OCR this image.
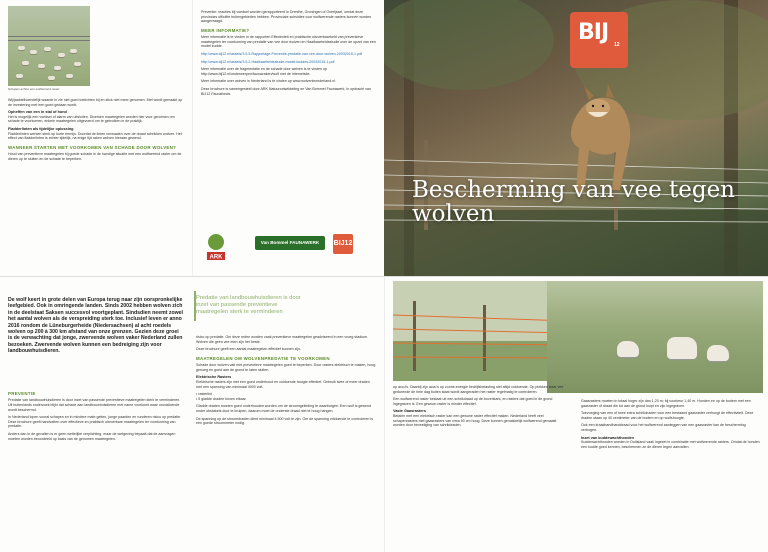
Schapen achter een wolfwerend raster

Wij/jaaldelhoendelijk waarde in zie niet goed toelichten bij en stick niet meer genomen. Met wordt gemaakt op de investering met een goed gedaan wordt.

Opheffen van een in stal of hond

Het is mogelijk een voedsel of alarm van uitsluiten. Diversen maatregelen worden hier voor genomen om schade te voorkomen, enkele maatregelen uitgevoerd om te gebruiken in de praktijk.

Fladderlinten als tijdelijke oplossing

Fladderlinten werken sterk op korte termijn. Doordat de linten verwaaien over de draad schrikken wolven. Het effect van fladderlinten is echter tijdelijk, na enige tijd raken wolven hieraan gewend.

WANNEER STARTEN MET VOORKOMEN VAN SCHADE DOOR WOLVEN?

Houd van preventieve maatregelen bij goede schade in de handige situatie met een wolfwerend raster om de dieren op te sluiten en de schade te beperken.

Preventie: reacties bij voedsel worden gerapporteerd in Drenthe, Groningen of Overijssel, omdat deze provincies officiële buitengebieden hebben. Provinciale subsidies voor wolfwerende rasters kunnen worden aangevraagd.

MEER INFORMATIE?

Meer informatie is te vinden in de rapporten Effectiviteit en praktische uitvoerbaarheid van preventieve maatregelen ter voorkoming van predatie van vee door wolven en Haalbaarheidsstudie over de opzet van een model kudde.

http://www.bij12.nl/assets/3.5.5-Rapportage-Preventie-predatie-van-vee-door-wolven-20032015-1.pdf

http://www.bij12.nl/assets/3.5.2-Haalbaarheidsstudie-model-kuddes-20032015-1.pdf

Meer informatie over de fragmentatie en de schade door wolven is te vinden op http://www.bij12.nl/onderwerpen/faunazaken/wolf met de internetsite.

Meer informatie over wolven in Nederland is te vinden op www.wolveninnederland.nl.

Deze brochure is samengesteld door ARK Natuurontwikkeling en Van Bommel Faunawerk, in opdracht van BIJ12 Faunafonds.

ARK
Van Bommel FAUNAWERK	BIJ12
BIJ 12
Bescherming van vee tegen wolven
De wolf keert in grote delen van Europa terug naar zijn oorspronkelijke leefgebied. Ook in omringende landen. Sinds 2002 hebben wolven zich in de deelstaat Saksen succesvol voortgeplant. Sindsdien neemt zowel het aantal wolven als de verspreiding sterk toe. Inclusief leven er anno 2016 rondom de Lüneburgerheide (Niedersachsen) al acht roedels wolven op 200 à 300 km afstand van onze grenzen. Gezien deze groei is de verwachting dat jonge, zwervende wolven vaker Nederland zullen bezoeken. Zwervende wolven kunnen een bedreiging zijn voor landbouwhuisdieren.
Predatie van landbouwhuisdieren is door inzet van passende preventieve maatregelen sterk te verminderen
PREVENTIE

Predatie van landbouwhuisdieren is door inzet van passende preventieve maatregelen sterk te verminderen. Uit buitenlands onderzoek blijkt dat schade aan landbouwhuisdieren met name voorkomt waar onvoldoende wordt beschermd.

In Nederland lopen vooral schapen en in mindere mate geiten, jonge paarden en runderen risico op predatie. Deze brochure geeft handvatten over effectieve en praktisch uitvoerbare maatregelen ter voorkoming van predatie.

Anders dan in de gevallen is er geen wettelijke verplichting, maar de wetgeving bepaalt dat de aanvragen moeten worden beoordeeld op basis van de genomen maatregelen.

risico op predatie. Om deze reden worden vaak preventieve maatregelen geadviseerd in een vroeg stadium. Wolven die geen vee eten zijn het beste.

Deze brochure geeft een aantal maatregelen effectief kunnen zijn.

MAATREGELEN OM WOLVENPREDATIE TE VOORKOMEN

Schade door wolven valt met preventieve maatregelen goed te beperken. Door rasters elektrisch te maken, hoog genoeg en goed aan de grond te laten sluiten.

Elektrische Rasters

Elektrische rasters zijn met een goed onderhoud en voldoende hoogte effectief. Gebruik twee of meer draden met een spanning van minimaal 4000 volt.

• rasterlint
• 5 gladde draden boven elkaar

Gladde draden moeten goed onderhouden worden om de stroomgeleiding te waarborgen. Een wolf is gewend onder obstakels door te kruipen, daarom moet de onderste draad niet te hoog hangen.

De spanning op de stroomdraden dient minimaal 4.500 volt te zijn. Om de spanning voldoende te controleren is een goede stroommeter nodig.

op accu's. Daarbij zijn accu's op zonne-energie bedrijfsbelasting niet altijd voldoende. Op plekken waar vee gedurende de hele dag buiten staat wordt aangeraden het raster regelmatig te controleren.

Een wolfwerend raster bestaat uit een schrikdraad op de bovenkant, en rasters dat goed in de grond ingegraven is. Een gewoon raster is minder effectief.

Vaste Gaasrasters

Betalen met een elektrisch raster kan een gewone raster effectief maken. Nederland heeft veel schapenrasters met gaasrasters van circa 90 cm hoog. Deze kunnen gemakkelijk wolfwerend gemaakt worden door bevestiging van schrikdraden.

Gaasrasters moeten in totaal hoger zijn dan 1,20 m; bij voorkeur 1,40 m. Honden en op de bodem met een gaasraster of draad die tot aan de grond loopt en zijn ingegraven.

Toevoeging van een of twee extra schrikdraden voor een bestaand gaasraster verhoogt de effectiviteit. Deze draden staan op 40 centimeter van de bodem en op wolfshoogte.

Ook een kraakbandhanddraad voor het wolfwerend aanleggen van een gaasraster kan de bescherming verhogen.

Inzet van kuddewachthonden

Kuddewachthonden worden in Duitsland vaak ingezet in combinatie met wolfwerende rasters. Omdat de honden een kudde goed kennen, beschermen ze de dieren tegen aanvallen.
